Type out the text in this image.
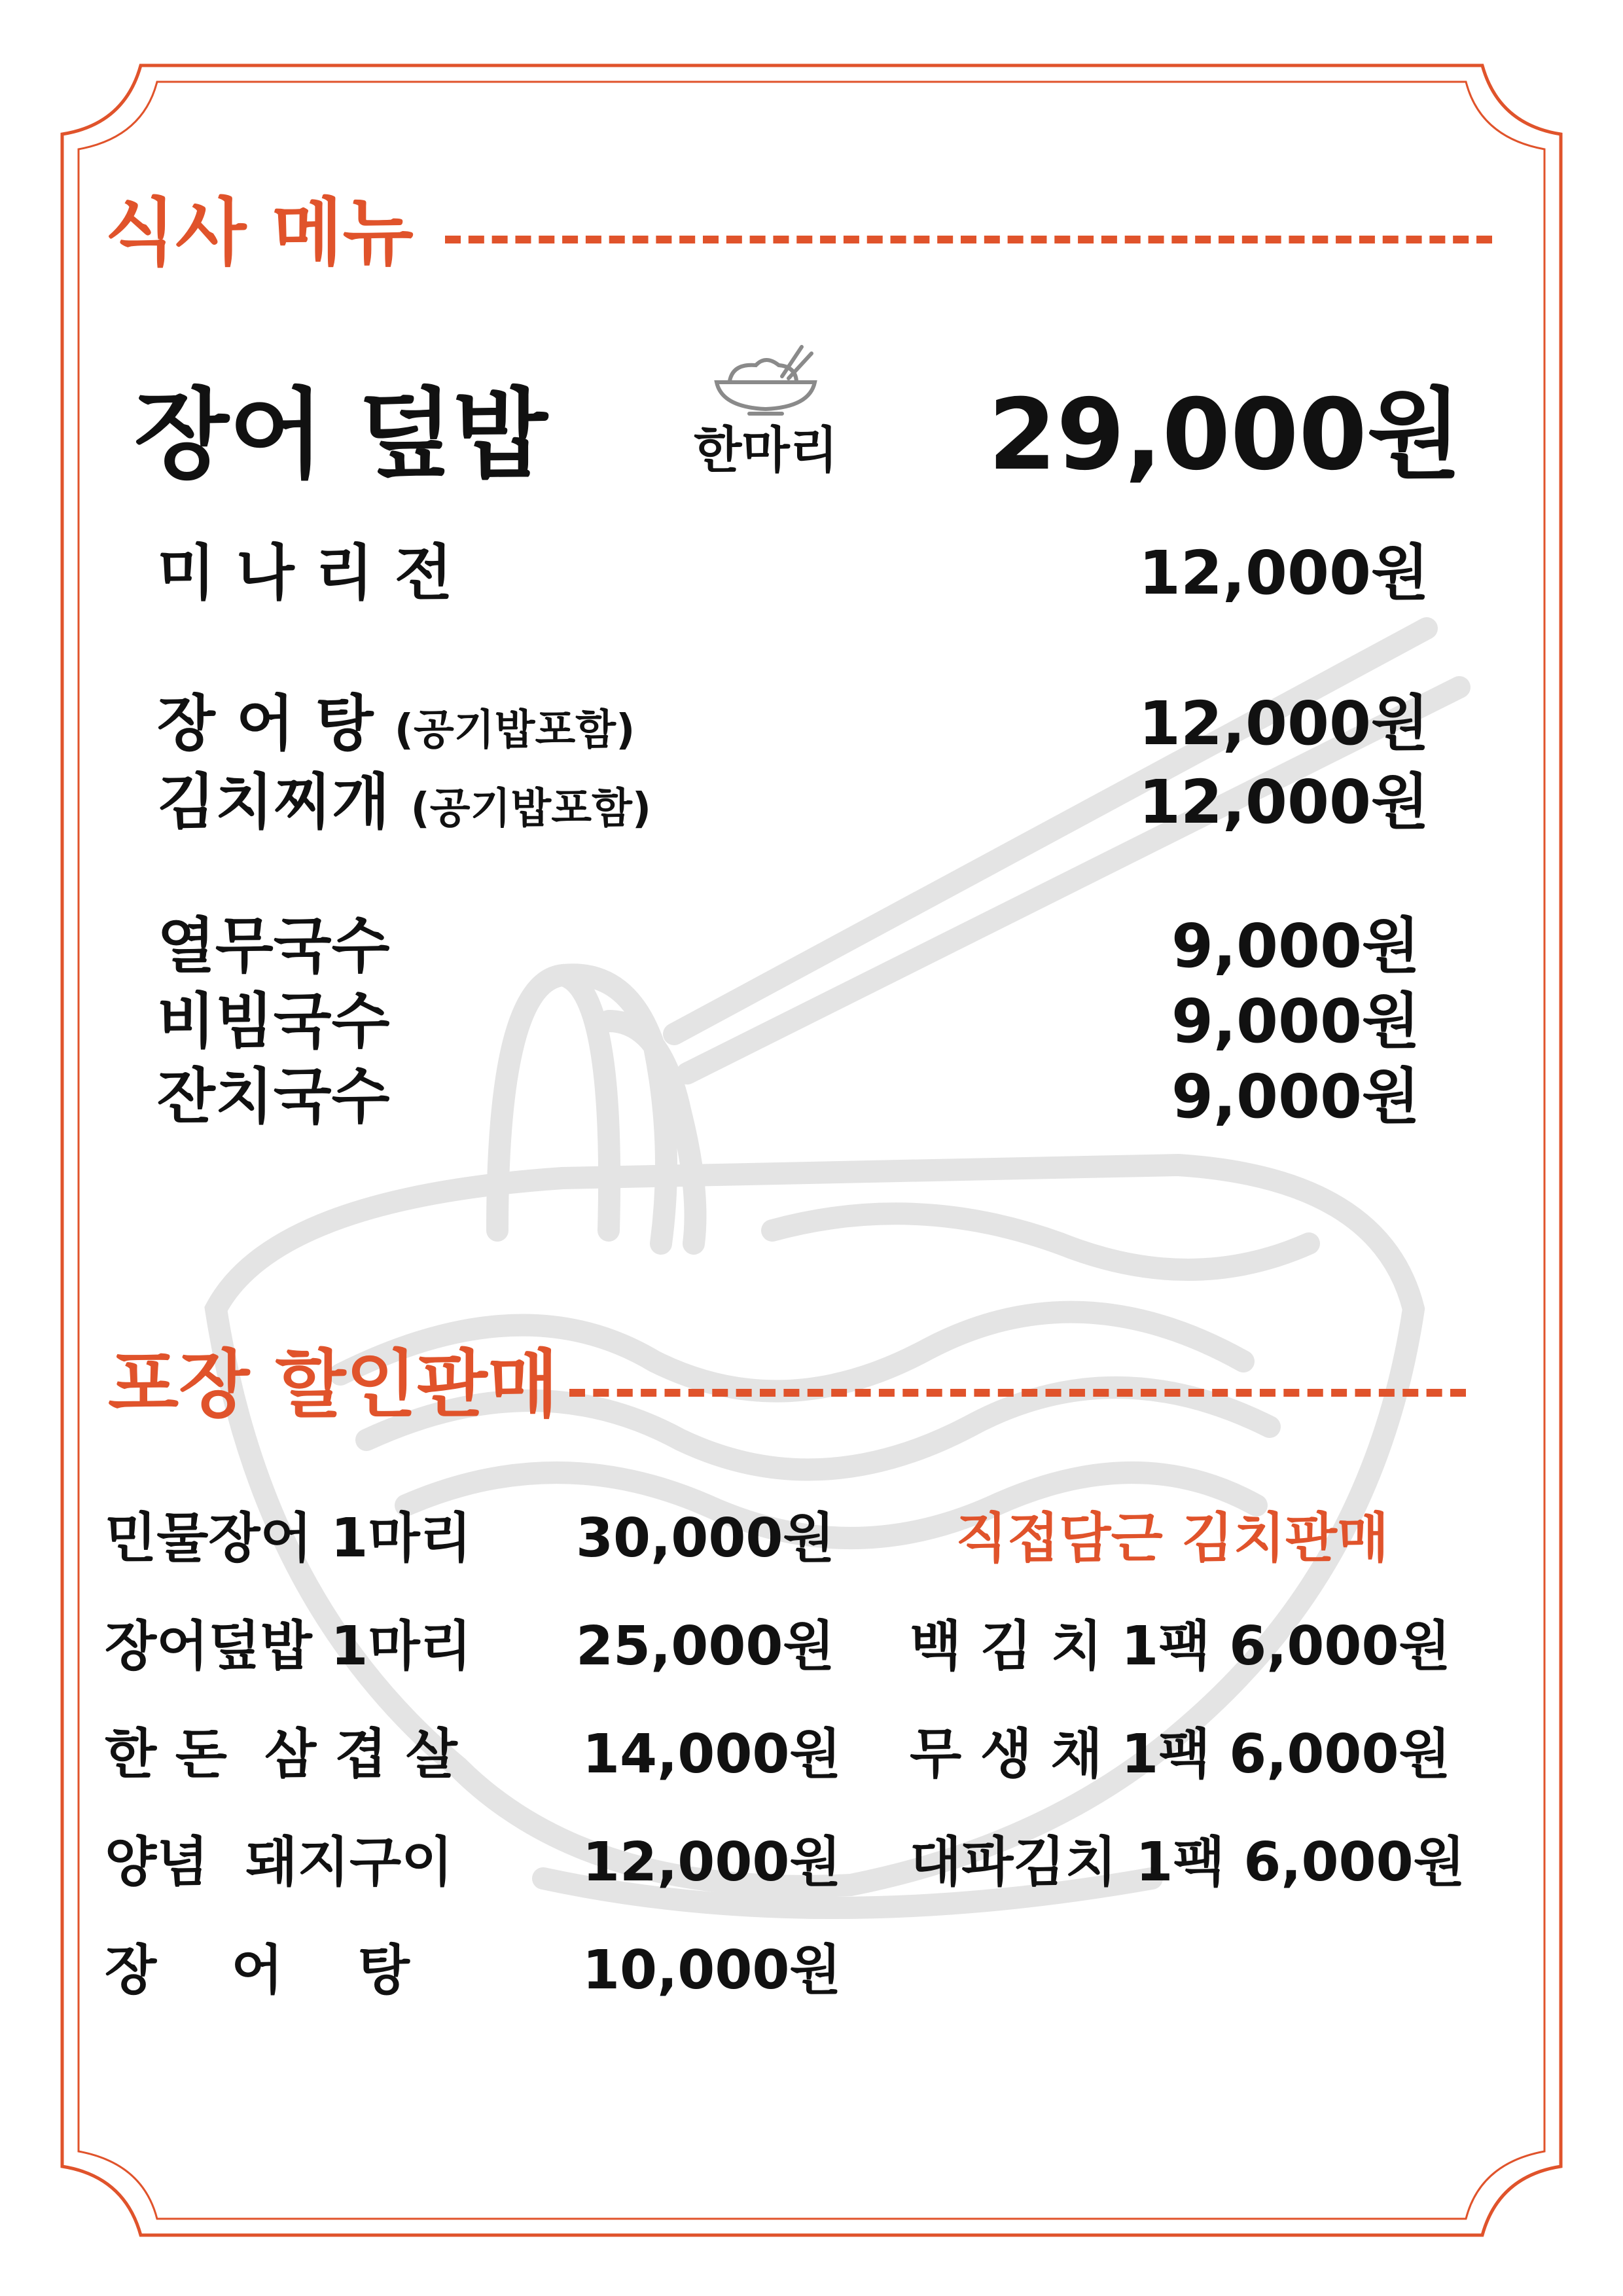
식사 메뉴
장어 덮밥	한마리 29,000원
미 나 리 전	12,000원
장 어 탕 (공기밥포함)	12,000원
김치찌개 (공기밥포함)	12,000원
열무국수	9,000원
비빔국수	9,000원
잔치국수	9,000원
포장 할인판매
민물장어 1마리 30,000원
장어덮밥 1마리 25,000원
한 돈  삼 겹 살 14,000원
양념  돼지구이 12,000원
장    어    탕	10,000원
직접담근 김치판매
백 김 치 1팩 6,000원
무 생 채 1팩 6,000원
대파김치 1팩 6,000원
